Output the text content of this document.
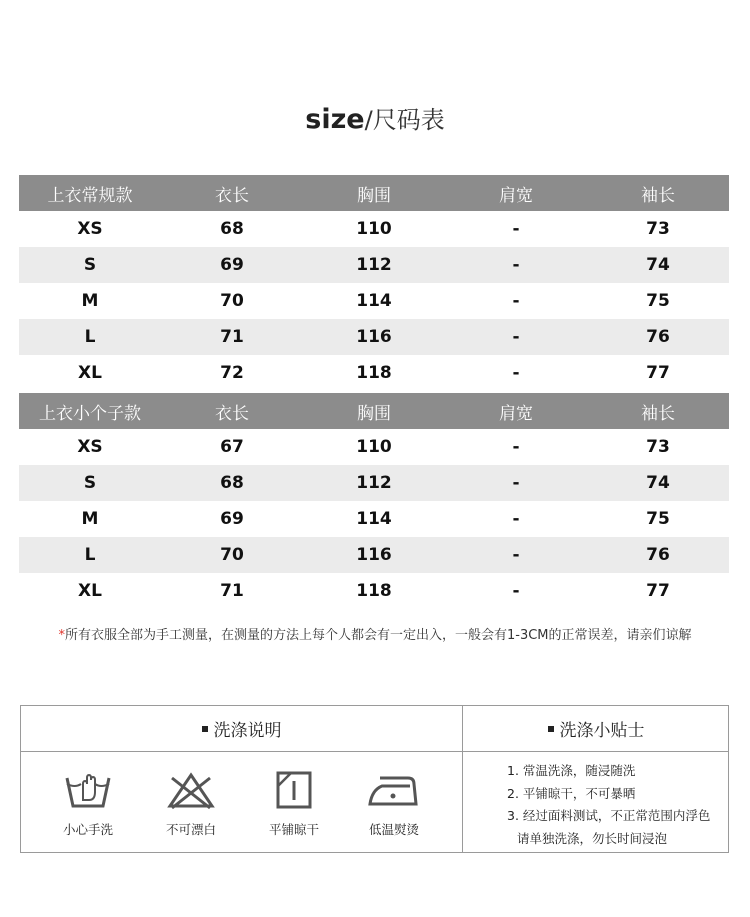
size/尺码表
上衣常规款	衣长	胸围	肩宽	袖长
XS	68	110	-	73
S	69	112	-	74
M	70	114	-	75
L	71	116	-	76
XL	72	118	-	77
上衣小个子款	衣长	胸围	肩宽	袖长
XS	67	110	-	73
S	68	112	-	74
M	69	114	-	75
L	70	116	-	76
XL	71	118	-	77
*所有衣服全部为手工测量，在测量的方法上每个人都会有一定出入，一般会有1-3CM的正常误差，请亲们谅解
洗涤说明	洗涤小贴士
小心手洗	不可漂白	平铺晾干	低温熨烫
1. 常温洗涤，随浸随洗
2. 平铺晾干，不可暴晒
3. 经过面料测试，不正常范围内浮色
请单独洗涤，勿长时间浸泡
